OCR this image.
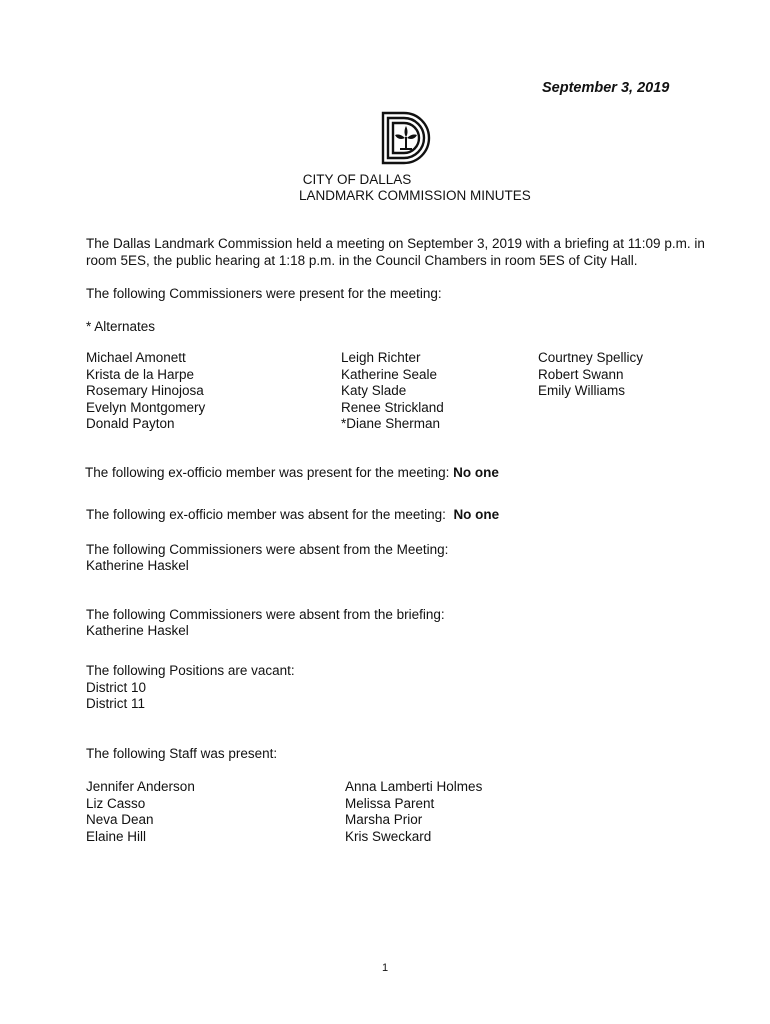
September 3, 2019
CITY OF DALLAS
LANDMARK COMMISSION MINUTES
The Dallas Landmark Commission held a meeting on September 3, 2019 with a briefing at 11:09 p.m. in
room 5ES, the public hearing at 1:18 p.m. in the Council Chambers in room 5ES of City Hall.
The following Commissioners were present for the meeting:
* Alternates
Michael Amonett
Krista de la Harpe
Rosemary Hinojosa
Evelyn Montgomery
Donald Payton
Leigh Richter
Katherine Seale
Katy Slade
Renee Strickland
*Diane Sherman
Courtney Spellicy
Robert Swann
Emily Williams
The following ex-officio member was present for the meeting: No one
The following ex-officio member was absent for the meeting:  No one
The following Commissioners were absent from the Meeting:
Katherine Haskel
The following Commissioners were absent from the briefing:
Katherine Haskel
The following Positions are vacant:
District 10
District 11
The following Staff was present:
Jennifer Anderson
Liz Casso
Neva Dean
Elaine Hill
Anna Lamberti Holmes
Melissa Parent
Marsha Prior
Kris Sweckard
1
